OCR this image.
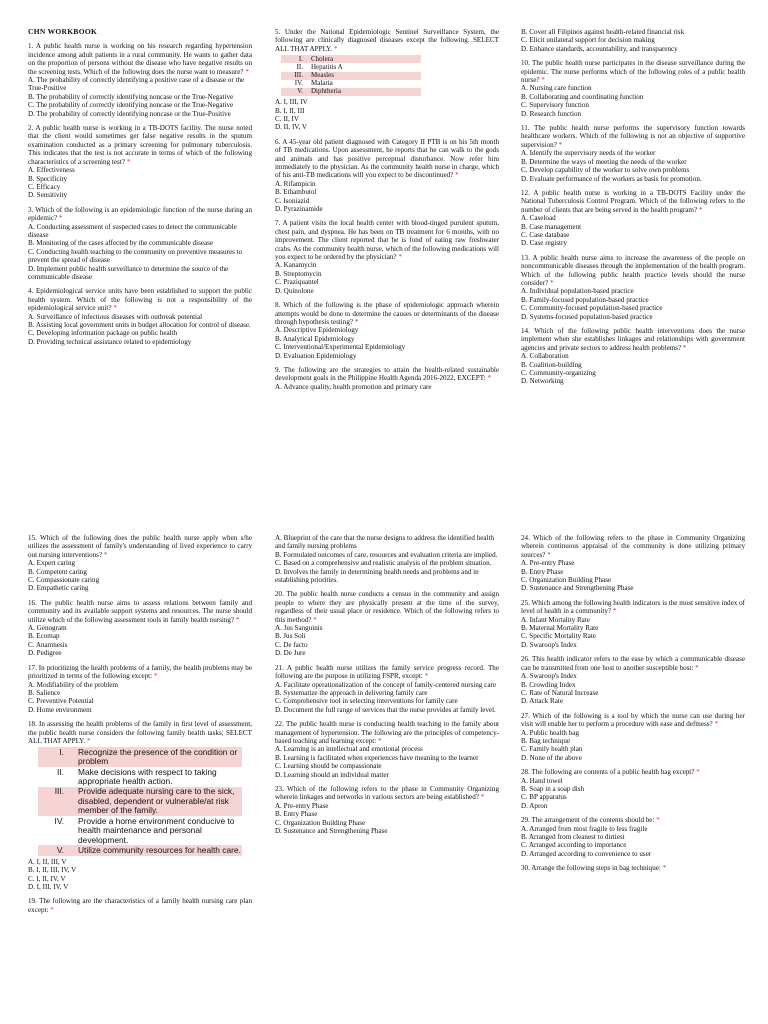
CHN WORKBOOK
1. A public health nurse is working on his research regarding hypertension incidence among adult patients in a rural community. He wants to gather data on the proportion of persons without the disease who have negative results on the screening tests. Which of the following does the nurse want to measure? *
A. The probability of correctly identifying a positive case of a disease or the True-Positive
B. The probability of correctly identifying noncase or the True-Negative
C. The probability of correctly identifying noncase or the True-Negative
D. The probability of correctly identifying noncase or the True-Positive
2. A public health nurse is working in a TB-DOTS facility. The nurse noted that the client would sometimes get false negative results in the sputum examination conducted as a primary screening for pulmonary tuberculosis. This indicates that the test is not accurate in terms of which of the following characteristics of a screening test? *
A. Effectiveness
B. Specificity
C. Efficacy
D. Sensitivity
3. Which of the following is an epidemiologic function of the nurse during an epidemic? *
A. Conducting assessment of suspected cases to detect the communicable disease
B. Monitoring of the cases affected by the communicable disease
C. Conducting health teaching to the community on preventive measures to prevent the spread of disease
D. Implement public health surveillance to determine the source of the communicable disease
4. Epidemiological service units have been established to support the public health system. Which of the following is not a responsibility of the epidemiological service unit? *
A. Surveillance of infectious diseases with outbreak potential
B. Assisting local government units in budget allocation for control of disease.
C. Developing information package on public health
D. Providing technical assistance related to epidemiology
5. Under the National Epidemiologic Sentinel Surveillance System, the following are clinically diagnosed diseases except the following. SELECT ALL THAT APPLY. *
I.	Cholera
II.	Hepatitis A
III.	Measles
IV.	Malaria
V.	Diphtheria
A. I, III, IV
B. I, II, III
C. II, IV
D. II, IV, V
6. A 45-year old patient diagnosed with Category II PTB is on his 5th month of TB medications. Upon assessment, he reports that he can walk to the gods and animals and has positive perceptual disturbance. Now refer him immediately to the physician. As the community health nurse in charge, which of his anti-TB medications will you expect to be discontinued? *
A. Rifampicin
B. Ethambutol
C. Isoniazid
D. Pyrazinamide
7. A patient visits the local health center with blood-tinged purulent sputum, chest pain, and dyspnea. He has been on TB treatment for 6 months, with no improvement. The client reported that he is fond of eating raw freshwater crabs. As the community health nurse, which of the following medications will you expect to be ordered by the physician? *
A. Kanamycin
B. Streptomycin
C. Praziquantel
D. Quinolone
8. Which of the following is the phase of epidemiologic approach wherein attempts would be done to determine the causes or determinants of the disease through hypothesis testing? *
A. Descriptive Epidemiology
B. Analytical Epidemiology
C. Interventional/Experimental Epidemiology
D. Evaluation Epidemiology
9. The following are the strategies to attain the health-related sustainable development goals in the Philippine Health Agenda 2016-2022, EXCEPT: *
A. Advance quality, health promotion and primary care
B. Cover all Filipinos against health-related financial risk
C. Elicit unilateral support for decision making
D. Enhance standards, accountability, and transparency
10. The public health nurse participates in the disease surveillance during the epidemic. The nurse performs which of the following roles of a public health nurse? *
A. Nursing care function
B. Collaborating and coordinating function
C. Supervisory function
D. Research function
11. The public health nurse performs the supervisory function towards healthcare workers. Which of the following is not an objective of supportive supervision? *
A. Identify the supervisory needs of the worker
B. Determine the ways of meeting the needs of the worker
C. Develop capability of the worker to solve own problems
D. Evaluate performance of the workers as basis for promotion.
12. A public health nurse is working in a TB-DOTS Facility under the National Tuberculosis Control Program. Which of the following refers to the number of clients that are being served in the health program? *
A. Caseload
B. Case management
C. Case database
D. Case registry
13. A public health nurse aims to increase the awareness of the people on noncommunicable diseases through the implementation of the health program. Which of the following public health practice levels should the nurse consider? *
A. Individual population-based practice
B. Family-focused population-based practice
C. Community-focused population-based practice
D. Systems-focused population-based practice
14. Which of the following public health interventions does the nurse implement when she establishes linkages and relationships with government agencies and private sectors to address health problems? *
A. Collaboration
B. Coalition-building
C. Community-organizing
D. Networking
15. Which of the following does the public health nurse apply when s/he utilizes the assessment of family's understanding of lived experience to carry out nursing interventions? *
A. Expert caring
B. Competent caring
C. Compassionate caring
D. Empathetic caring
16. The public health nurse aims to assess relations between family and community and its available support systems and resources. The nurse should utilize which of the following assessment tools in family health nursing? *
A. Genogram
B. Ecomap
C. Anamnesis
D. Pedigree
17. In prioritizing the health problems of a family, the health problems may be prioritized in terms of the following except: *
A. Modifiability of the problem
B. Salience
C. Preventive Potential
D. Home environment
18. In assessing the health problems of the family in first level of assessment, the public health nurse considers the following family health tasks; SELECT ALL THAT APPLY. *
I.	Recognize the presence of the condition or problem
II.	Make decisions with respect to taking appropriate health action.
III.	Provide adequate nursing care to the sick, disabled, dependent or vulnerable/at risk member of the family.
IV.	Provide a home environment conducive to health maintenance and personal development.
V.	Utilize community resources for health care.
A. I, II, III, V
B. I, II, III, IV, V
C. I, II, IV, V
D. I, III, IV, V
19. The following are the characteristics of a family health nursing care plan except: *
A. Blueprint of the care that the nurse designs to address the identified health and family nursing problems
B. Formulated outcomes of care, resources and evaluation criteria are implied.
C. Based on a comprehensive and realistic analysis of the problem situation.
D. Involves the family in determining health needs and problems and in establishing priorities.
20. The public health nurse conducts a census in the community and assign people to where they are physically present at the time of the survey, regardless of their usual place or residence. Which of the following refers to this method? *
A. Jus Sanguinis
B. Jus Soli
C. De facto
D. De Jure
21. A public health nurse utilizes the family service progress record. The following are the purpose in utilizing FSPR, except: *
A. Facilitate operationalization of the concept of family-centered nursing care
B. Systematize the approach in delivering family care
C. Comprehensive tool in selecting interventions for family care
D. Document the full range of services that the nurse provides at family level.
22. The public health nurse is conducting health teaching to the family about management of hypertension. The following are the principles of competency-based teaching and learning except: *
A. Learning is an intellectual and emotional process
B. Learning is facilitated when experiences have meaning to the learner
C. Learning should be compassionate
D. Learning should an individual matter
23. Which of the following refers to the phase in Community Organizing wherein linkages and networks in various sectors are being established? *
A. Pre-entry Phase
B. Entry Phase
C. Organization Building Phase
D. Sustenance and Strengthening Phase
24. Which of the following refers to the phase in Community Organizing wherein continuous appraisal of the community is done utilizing primary sources? *
A. Pre-entry Phase
B. Entry Phase
C. Organization Building Phase
D. Sustenance and Strengthening Phase
25. Which among the following health indicators is the most sensitive index of level of health in a community? *
A. Infant Mortality Rate
B. Maternal Mortality Rate
C. Specific Mortality Rate
D. Swaroop's Index
26. This health indicator refers to the ease by which a communicable disease can be transmitted from one host to another susceptible host: *
A. Swaroop's Index
B. Crowding Index
C. Rate of Natural Increase
D. Attack Rate
27. Which of the following is a tool by which the nurse can use during her visit will enable her to perform a procedure with ease and deftness? *
A. Public health bag
B. Bag technique
C. Family health plan
D. None of the above
28. The following are contents of a public health bag except? *
A. Hand towel
B. Soap in a soap dish
C. BP apparatus
D. Apron
29. The arrangement of the contents should be: *
A. Arranged from most fragile to less fragile
B. Arranged from cleanest to dirtiest
C. Arranged according to importance
D. Arranged according to convenience to user
30. Arrange the following steps in bag technique: *
